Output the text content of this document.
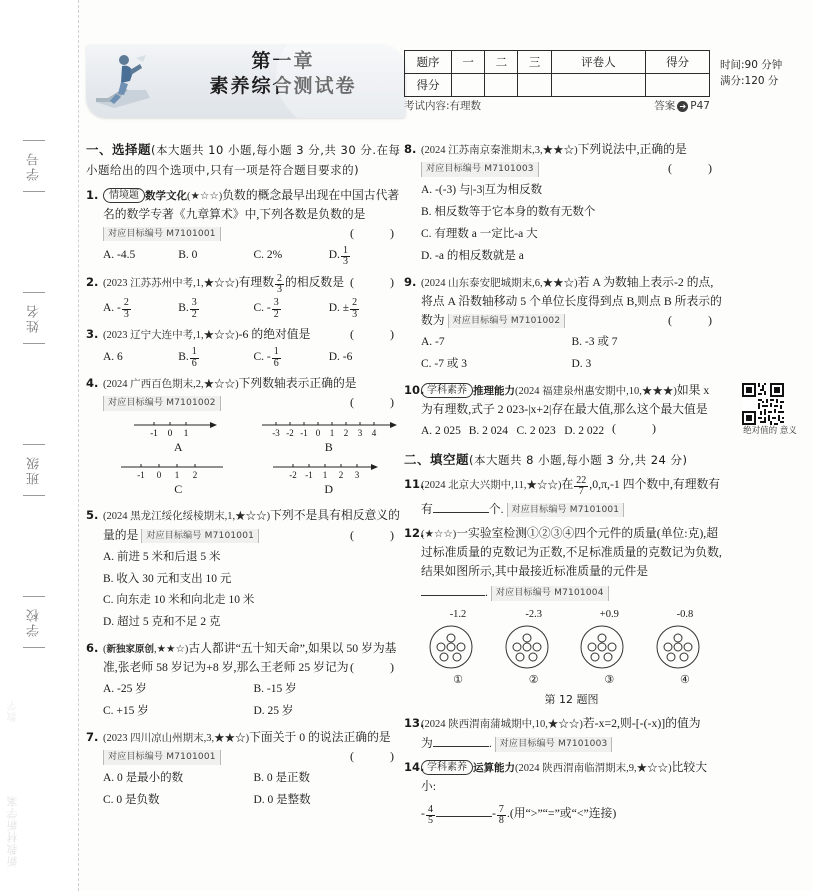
学号
姓名
班级
学校
数学
新教材新学案
第一章
素养综合测试卷
题序	一	二	三	评卷人	得分
得分					
考试内容:有理数	答案 ➔ P47
时间:90 分钟
满分:120 分
绝对值的 意义
一、选择题(本大题共 10 小题,每小题 3 分,共 30 分.在每小题给出的四个选项中,只有一项是符合题目要求的)
1.	情境题 数学文化(★☆☆)负数的概念最早出现在中国古代著名的数学专著《九章算术》中,下列各数是负数的是
对应目标编号 M7101001	(  )
A. -4.5	B. 0	C. 2%	D. $\frac{1}{3}$
2. (2023 江苏苏州中考,1,★☆☆)有理数 $\frac{2}{3}$ 的相反数是 (  )
A. - $\frac{2}{3}$	B. $\frac{3}{2}$	C. - $\frac{3}{2}$	D. ± $\frac{2}{3}$
3. (2023 辽宁大连中考,1,★☆☆)-6 的绝对值是	(  )
A. 6	B. $\frac{1}{6}$	C. - $\frac{1}{6}$	D. -6
4. (2024 广西百色期末,2,★☆☆)下列数轴表示正确的是
对应目标编号 M7101002	(  )
-1 0 1
A
-3 -2 -1 0 1 2 3 4
B
-1 0 1 2
C
-2 -1 1 2 3
D
5. (2024 黑龙江绥化绥棱期末,1,★☆☆)下列不是具有相反意义的量的是 对应目标编号 M7101001	(  )
A. 前进 5 米和后退 5 米
B. 收入 30 元和支出 10 元
C. 向东走 10 米和向北走 10 米
D. 超过 5 克和不足 2 克
6. (新独家原创,★★☆)古人都讲“五十知天命”,如果以 50 岁为基准,张老师 58 岁记为+8 岁,那么王老师 25 岁记为 (  )
A. -25 岁	B. -15 岁
C. +15 岁	D. 25 岁
7. (2023 四川凉山州期末,3,★★☆)下面关于 0 的说法正确的是
对应目标编号 M7101001	(  )
A. 0 是最小的数	B. 0 是正数
C. 0 是负数	D. 0 是整数
8. (2024 江苏南京秦淮期末,3,★★☆)下列说法中,正确的是
对应目标编号 M7101003	(  )
A. -(-3) 与|-3|互为相反数
B. 相反数等于它本身的数有无数个
C. 有理数 a 一定比-a 大
D. -a 的相反数就是 a
9. (2024 山东泰安肥城期末,6,★★☆)若 A 为数轴上表示-2 的点,将点 A 沿数轴移动 5 个单位长度得到点 B,则点 B 所表示的数为 对应目标编号 M7101002	(  )
A. -7	B. -3 或 7
C. -7 或 3	D. 3
10. 学科素养 推理能力(2024 福建泉州惠安期中,10,★★★)如果 x 为有理数,式子 2 023-|x+2|存在最大值,那么这个最大值是
(  )
A. 2 025 B. 2 024 C. 2 023 D. 2 022
二、填空题(本大题共 8 小题,每小题 3 分,共 24 分)
11.
(2024 北京大兴期中,11,★☆☆)在 $\frac{22}{7} ,0,\pi,-1$ 四个数中,有理数有
有	个. 对应目标编号 M7101001
12.
(★☆☆)一实验室检测①②③④四个元件的质量(单位:克),超过标准质量的克数记为正数,不足标准质量的克数记为负数,结果如图所示,其中最接近标准质量的元件是
. 对应目标编号 M7101004
-1.2
①
-2.3
②
+0.9
③
-0.8
④
第 12 题图
13.
(2024 陕西渭南蒲城期中,10,★☆☆)若-x=2,则-[-(-x)]的值为
为	. 对应目标编号 M7101003
14. 学科素养 运算能力(2024 陕西渭南临渭期末,9,★☆☆)比较大小:
- $\frac{4}{5}$	- $\frac{7}{8}$ .(用“>”“=”或“<”连接)
